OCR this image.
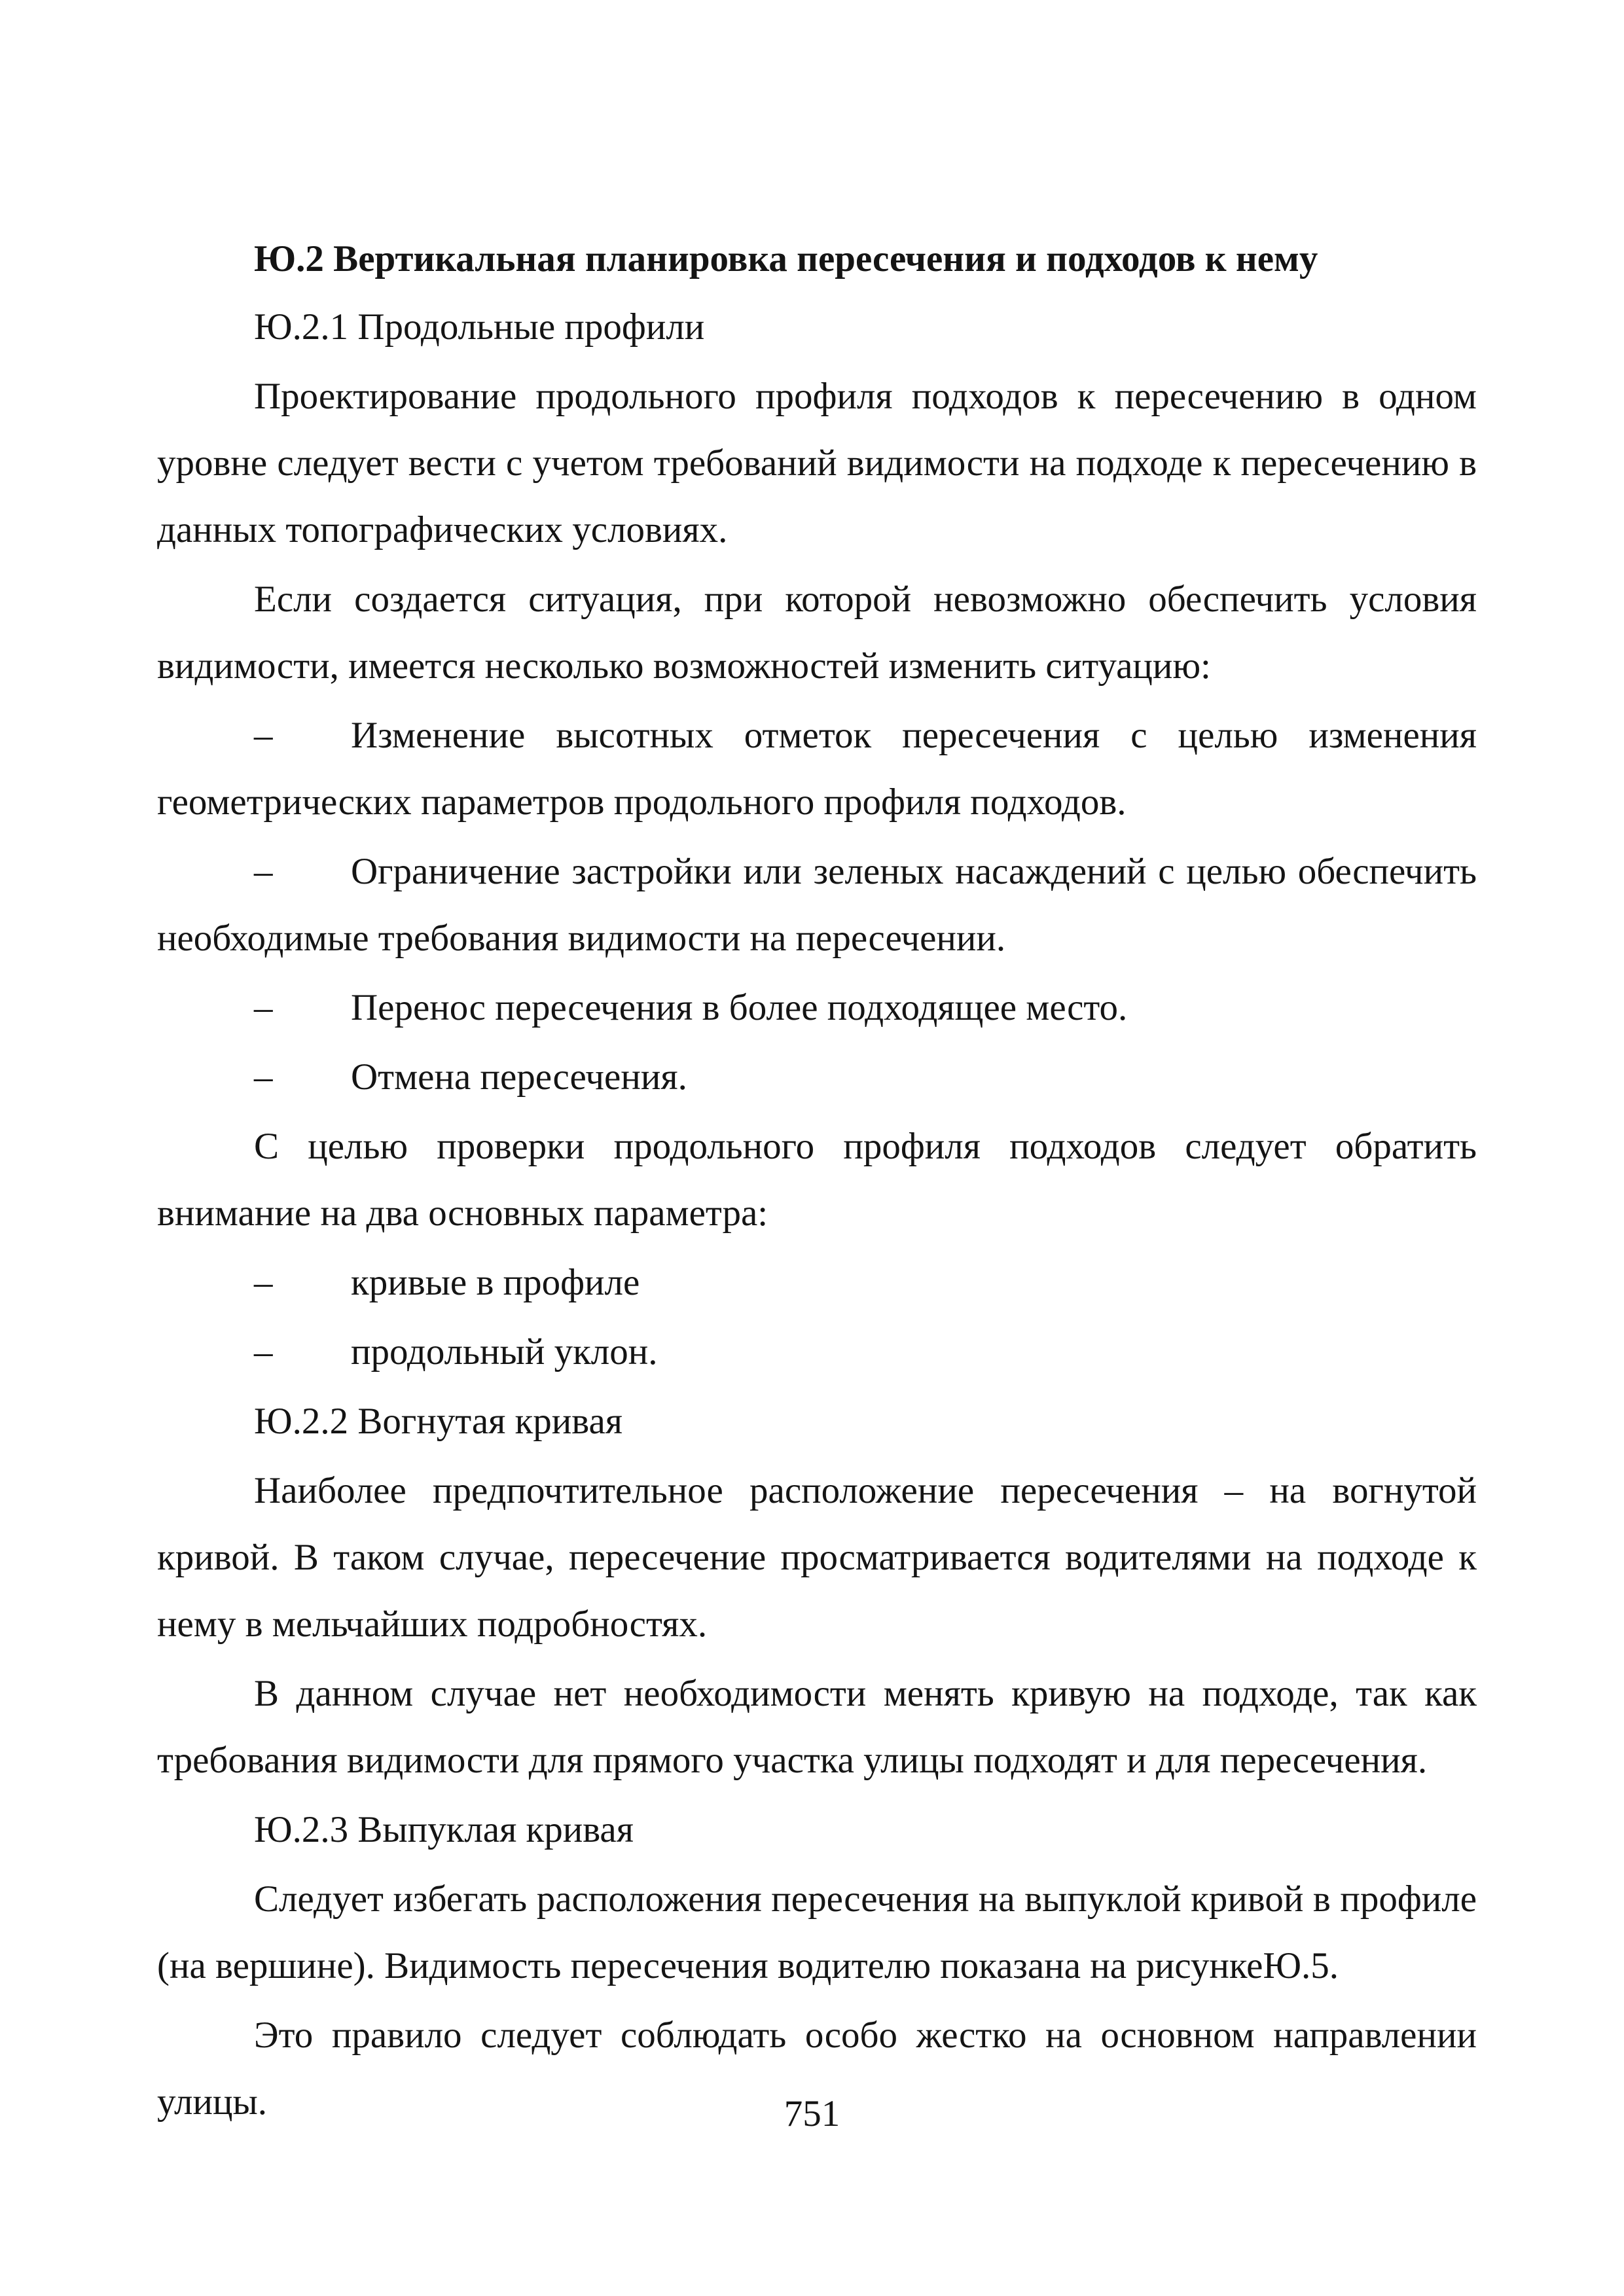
Ю.2 Вертикальная планировка пересечения и подходов к нему

Ю.2.1 Продольные профили

Проектирование продольного профиля подходов к пересечению в одном уровне следует вести с учетом требований видимости на подходе к пересечению в данных топографических условиях.

Если создается ситуация, при которой невозможно обеспечить условия видимости, имеется несколько возможностей изменить ситуацию:

– Изменение высотных отметок пересечения с целью изменения геометрических параметров продольного профиля подходов.

– Ограничение застройки или зеленых насаждений с целью обеспечить необходимые требования видимости на пересечении.

– Перенос пересечения в более подходящее место.

– Отмена пересечения.

С целью проверки продольного профиля подходов следует обратить внимание на два основных параметра:

– кривые в профиле

– продольный уклон.

Ю.2.2 Вогнутая кривая

Наиболее предпочтительное расположение пересечения – на вогнутой кривой. В таком случае, пересечение просматривается водителями на подходе к нему в мельчайших подробностях.

В данном случае нет необходимости менять кривую на подходе, так как требования видимости для прямого участка улицы подходят и для пересечения.

Ю.2.3 Выпуклая кривая

Следует избегать расположения пересечения на выпуклой кривой в профиле (на вершине). Видимость пересечения водителю показана на рисункеЮ.5.

Это правило следует соблюдать особо жестко на основном направлении улицы.	751
